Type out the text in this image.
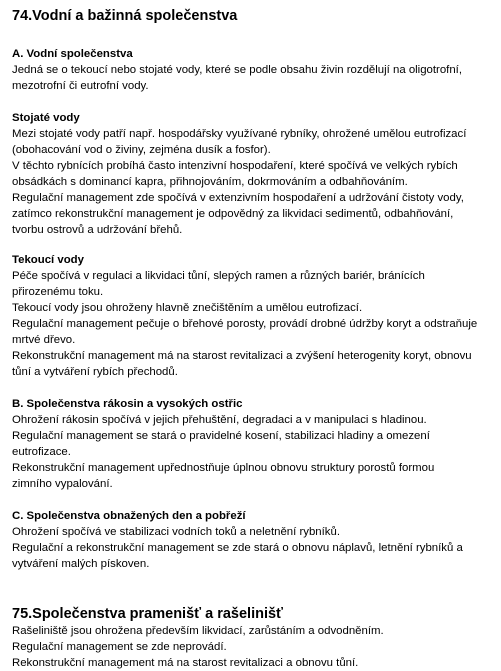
74.Vodní a bažinná společenstva
A. Vodní společenstva
Jedná se o tekoucí nebo stojaté vody, které se podle obsahu živin rozdělují na oligotrofní,
mezotrofní či eutrofní vody.
Stojaté vody
Mezi stojaté vody patří např. hospodářsky využívané rybníky, ohrožené umělou eutrofizací
(obohacování vod o živiny, zejména dusík a fosfor).
V těchto rybnících probíhá často intenzivní hospodaření, které spočívá ve velkých rybích
obsádkách s dominancí kapra, přihnojováním, dokrmováním a odbahňováním.
Regulační management zde spočívá v extenzivním hospodaření a udržování čistoty vody,
zatímco rekonstrukční management je odpovědný za likvidaci sedimentů, odbahňování,
tvorbu ostrovů a udržování břehů.
Tekoucí vody
Péče spočívá v regulaci a likvidaci tůní, slepých ramen a různých bariér, bránících
přirozenému toku.
Tekoucí vody jsou ohroženy hlavně znečištěním a umělou eutrofizací.
Regulační management pečuje o břehové porosty, provádí drobné údržby koryt a odstraňuje
mrtvé dřevo.
Rekonstrukční management má na starost revitalizaci a zvýšení heterogenity koryt, obnovu
tůní a vytváření rybích přechodů.
B. Společenstva rákosin a vysokých ostřic
Ohrožení rákosin spočívá v jejich přehuštění, degradaci a v manipulaci s hladinou.
Regulační management se stará o pravidelné kosení, stabilizaci hladiny a omezení
eutrofizace.
Rekonstrukční management upřednostňuje úplnou obnovu struktury porostů formou
zimního vypalování.
C. Společenstva obnažených den a pobřeží
Ohrožení spočívá ve stabilizaci vodních toků a neletnění rybníků.
Regulační a rekonstrukční management se zde stará o obnovu náplavů, letnění rybníků a
vytváření malých pískoven.
75.Společenstva pramenišť a rašelinišť
Rašeliniště jsou ohrožena především likvidací, zarůstáním a odvodněním.
Regulační management se zde neprovádí.
Rekonstrukční management má na starost revitalizaci a obnovu tůní.
